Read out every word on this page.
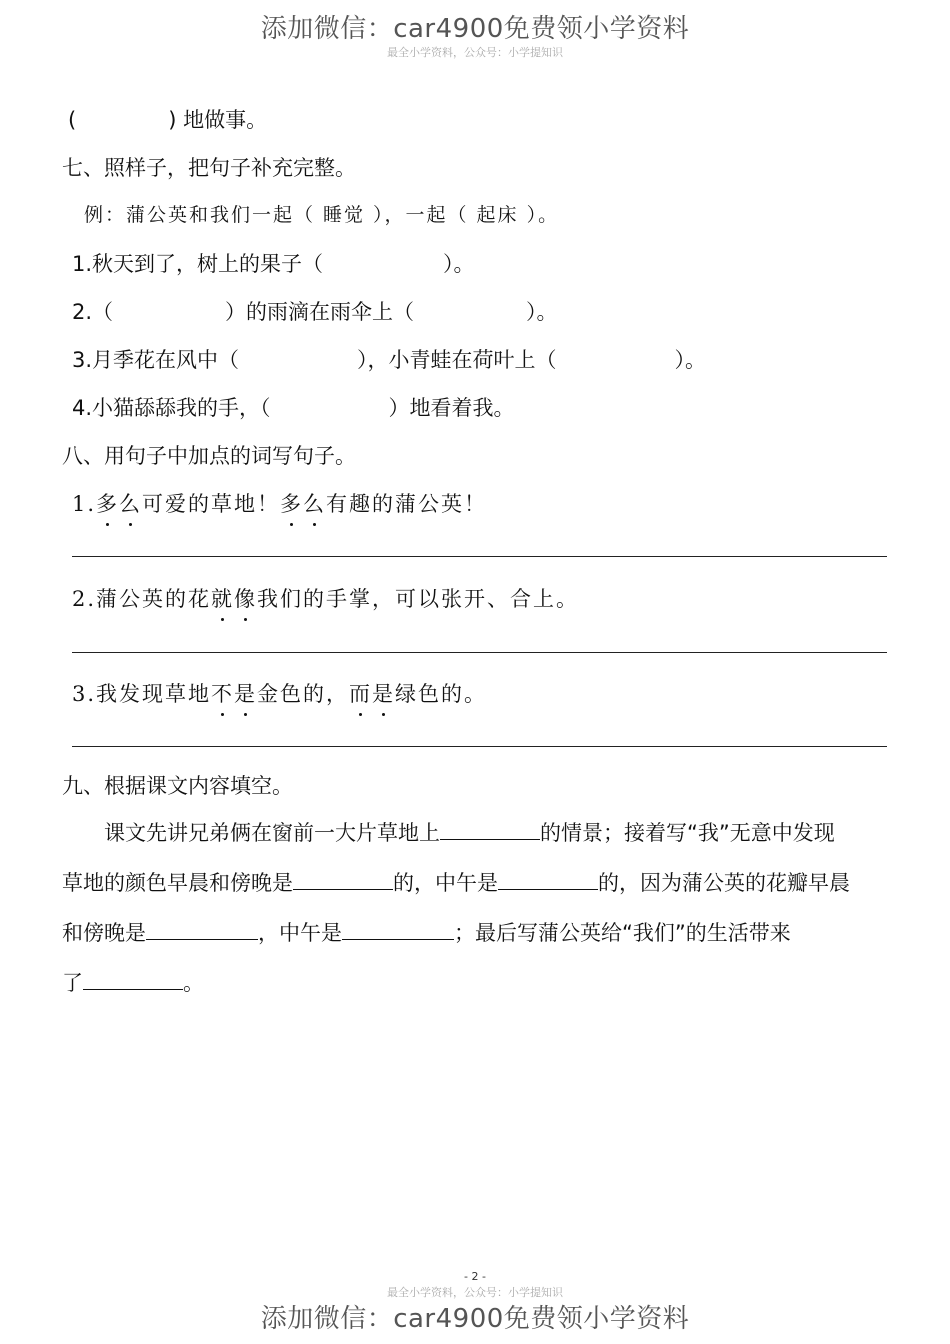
添加微信：car4900免费领小学资料
最全小学资料，公众号：小学提知识
(	) 地做事。
七、照样子，把句子补充完整。
例：蒲公英和我们一起（ 睡觉 ），一起（ 起床 ）。
1.秋天到了，树上的果子（	）。
2.（	）的雨滴在雨伞上（	）。
3.月季花在风中（	），小青蛙在荷叶上（	）。
4.小猫舔舔我的手，（	）地看着我。
八、用句子中加点的词写句子。
1.多么可爱的草地！多么有趣的蒲公英！
2.蒲公英的花就像我们的手掌，可以张开、合上。
3.我发现草地不是金色的，而是绿色的。
九、根据课文内容填空。
课文先讲兄弟俩在窗前一大片草地上	的情景；接着写“我”无意中发现
草地的颜色早晨和傍晚是	的，中午是	的，因为蒲公英的花瓣早晨
和傍晚是	，中午是	；最后写蒲公英给“我们”的生活带来
了	。
- 2 -
最全小学资料，公众号：小学提知识
添加微信：car4900免费领小学资料
